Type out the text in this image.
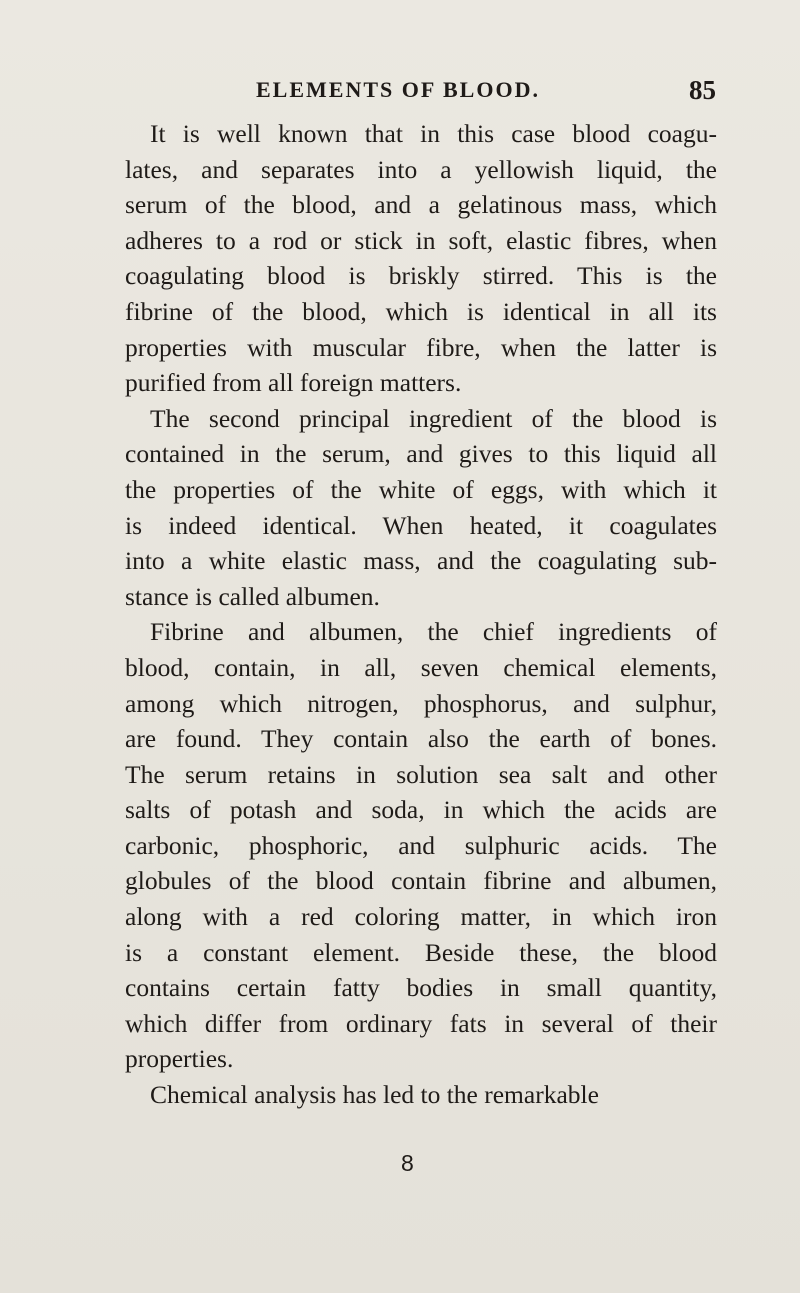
ELEMENTS OF BLOOD.	85
It is well known that in this case blood coagu-
lates, and separates into a yellowish liquid, the
serum of the blood, and a gelatinous mass, which
adheres to a rod or stick in soft, elastic fibres, when
coagulating blood is briskly stirred. This is the
fibrine of the blood, which is identical in all its
properties with muscular fibre, when the latter is
purified from all foreign matters.
The second principal ingredient of the blood is
contained in the serum, and gives to this liquid all
the properties of the white of eggs, with which it
is indeed identical. When heated, it coagulates
into a white elastic mass, and the coagulating sub-
stance is called albumen.
Fibrine and albumen, the chief ingredients of
blood, contain, in all, seven chemical elements,
among which nitrogen, phosphorus, and sulphur,
are found. They contain also the earth of bones.
The serum retains in solution sea salt and other
salts of potash and soda, in which the acids are
carbonic, phosphoric, and sulphuric acids. The
globules of the blood contain fibrine and albumen,
along with a red coloring matter, in which iron
is a constant element. Beside these, the blood
contains certain fatty bodies in small quantity,
which differ from ordinary fats in several of their
properties.
Chemical analysis has led to the remarkable
8
